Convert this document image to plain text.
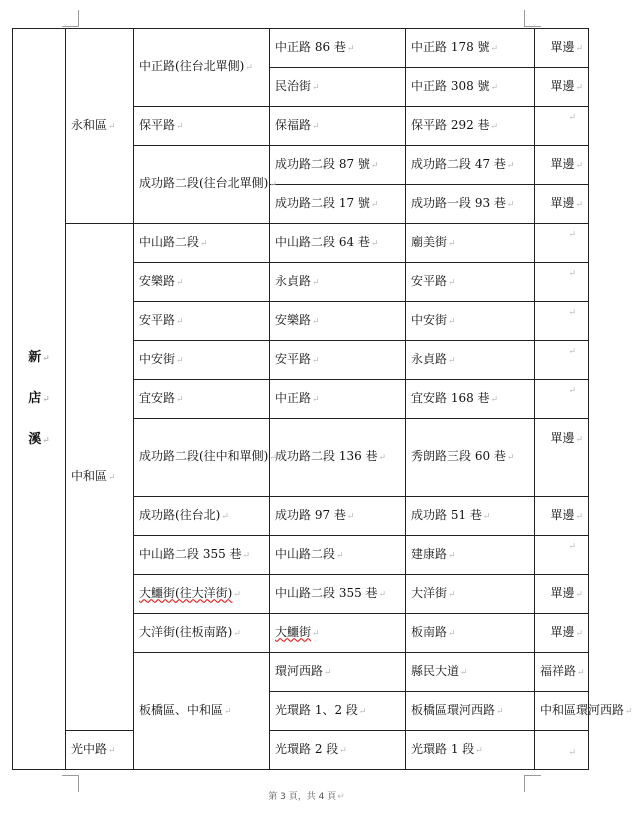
新↵
店↵
溪↵	永和區↵	中正路(往台北單側)↵	中正路 86 巷↵	中正路 178 號↵	單邊↵	
			民治街↵	中正路 308 號↵	單邊↵	
		保平路↵	保福路↵	保平路 292 巷↵	↵	

		成功路二段(往台北單側)↵	成功路二段 87 號↵	成功路二段 47 巷↵	單邊↵	
			成功路二段 17 號↵	成功路一段 93 巷↵	單邊↵	
	中和區↵	中山路二段↵	中山路二段 64 巷↵	廟美街↵	↵	

		安樂路↵	永貞路↵	安平路↵	↵	

		安平路↵	安樂路↵	中安街↵	↵	

		中安街↵	安平路↵	永貞路↵	↵	

		宜安路↵	中正路↵	宜安路 168 巷↵	↵	

		成功路二段(往中和單側)↵	成功路二段 136 巷↵	秀朗路三段 60 巷↵	單邊↵	
		成功路(往台北)↵	成功路 97 巷↵	成功路 51 巷↵	單邊↵	
		中山路二段 355 巷↵	中山路二段↵	建康路↵	↵	

		大鱷街(往大洋街)↵	中山路二段 355 巷↵	大洋街↵	單邊↵	
		大洋街(往板南路)↵	大鱷街↵	板南路↵	單邊↵	
		板橋區、中和區↵	環河西路↵	縣民大道↵	福祥路↵	

			光環路 1、2 段↵	板橋區環河西路↵	中和區環河西路↵	

	光中路↵		光環路 2 段↵	光環路 1 段↵	↵	
第 3 頁，共 4 頁↵
